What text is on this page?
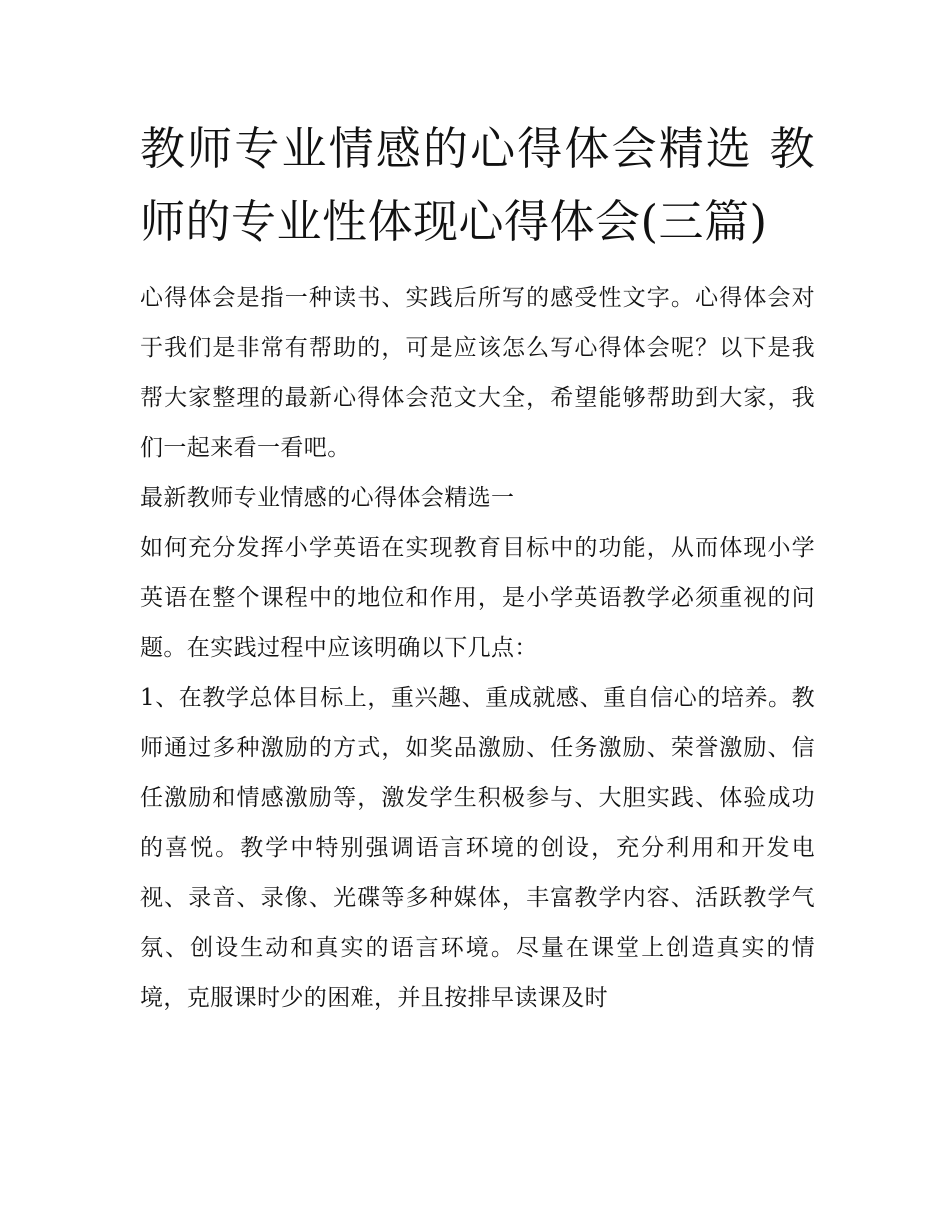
教师专业情感的心得体会精选 教师的专业性体现心得体会(三篇)

心得体会是指一种读书、实践后所写的感受性文字。心得体会对于我们是非常有帮助的，可是应该怎么写心得体会呢？以下是我帮大家整理的最新心得体会范文大全，希望能够帮助到大家，我们一起来看一看吧。

最新教师专业情感的心得体会精选一

如何充分发挥小学英语在实现教育目标中的功能，从而体现小学英语在整个课程中的地位和作用，是小学英语教学必须重视的问题。在实践过程中应该明确以下几点：

1、在教学总体目标上，重兴趣、重成就感、重自信心的培养。教师通过多种激励的方式，如奖品激励、任务激励、荣誉激励、信任激励和情感激励等，激发学生积极参与、大胆实践、体验成功的喜悦。教学中特别强调语言环境的创设，充分利用和开发电视、录音、录像、光碟等多种媒体，丰富教学内容、活跃教学气氛、创设生动和真实的语言环境。尽量在课堂上创造真实的情境，克服课时少的困难，并且按排早读课及时
